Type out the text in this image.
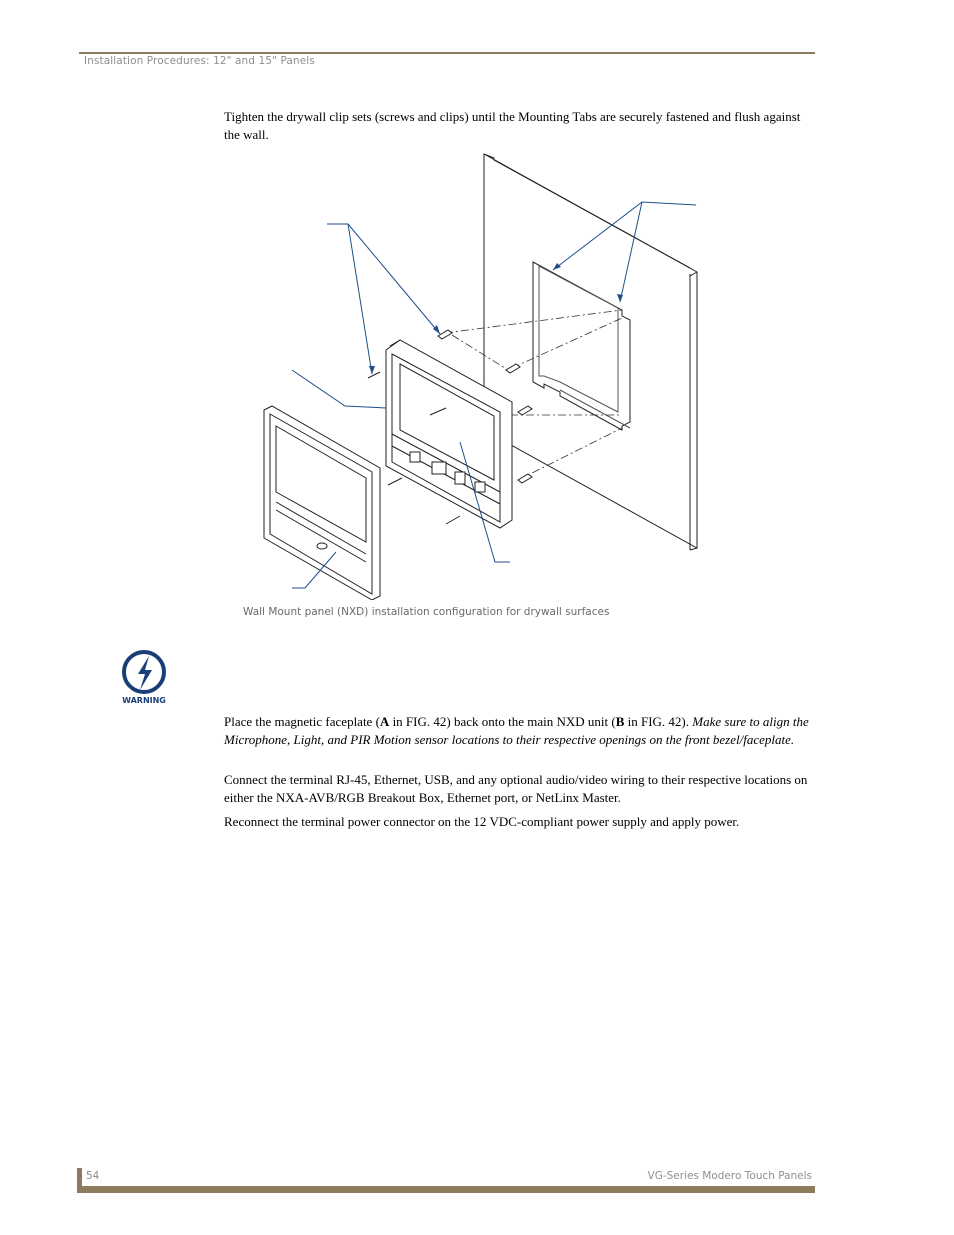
Installation Procedures: 12" and 15" Panels

Tighten the drywall clip sets (screws and clips) until the Mounting Tabs are securely fastened and flush against the wall.

Wall Mount panel (NXD) installation configuration for drywall surfaces
WARNING

Place the magnetic faceplate (A in FIG. 42) back onto the main NXD unit (B in FIG. 42). Make sure to align the Microphone, Light, and PIR Motion sensor locations to their respective openings on the front bezel/faceplate.

Connect the terminal RJ-45, Ethernet, USB, and any optional audio/video wiring to their respective locations on either the NXA-AVB/RGB Breakout Box, Ethernet port, or NetLinx Master.

Reconnect the terminal power connector on the 12 VDC-compliant power supply and apply power.

54	VG-Series Modero Touch Panels
